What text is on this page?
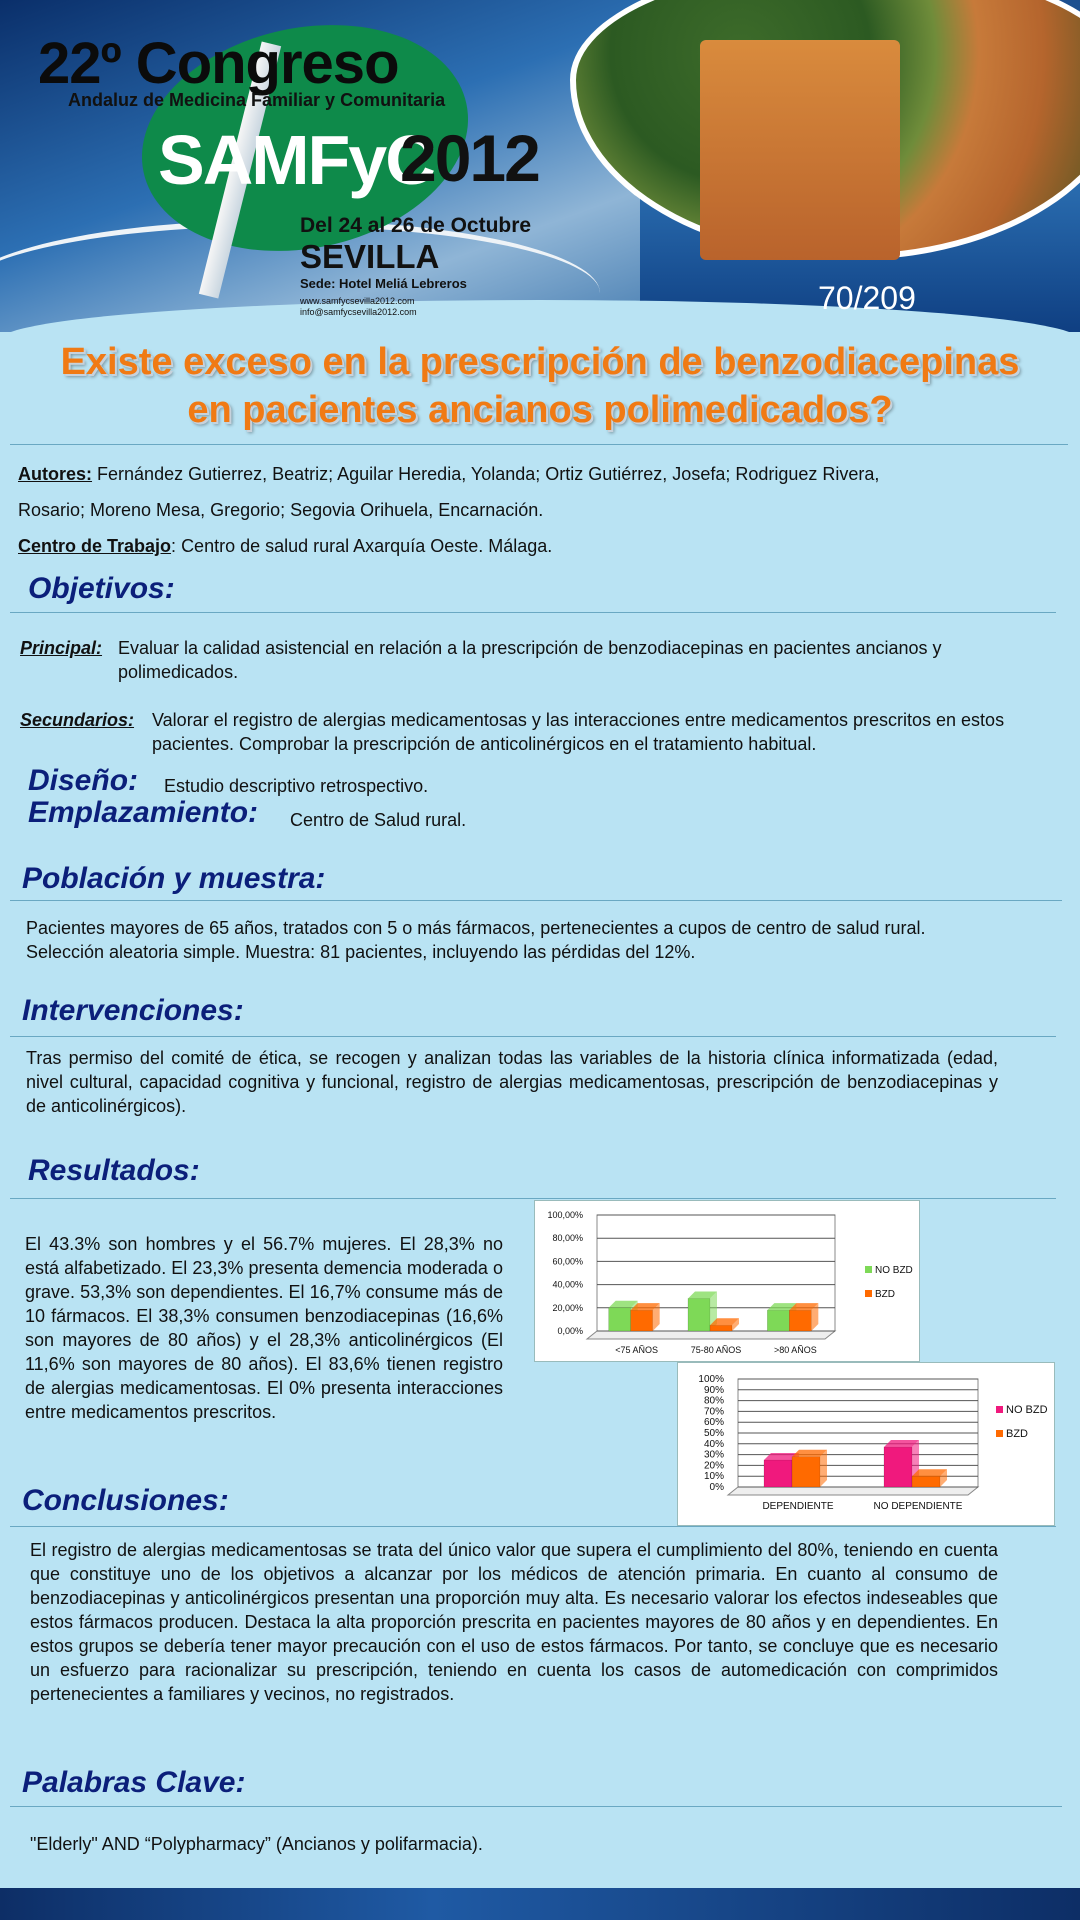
22º Congreso
Andaluz de Medicina Familiar y Comunitaria
SAMFyC
2012
Del 24 al 26 de Octubre
SEVILLA
Sede: Hotel Meliá Lebreros
www.samfycsevilla2012.com
info@samfycsevilla2012.com	70/209
Existe exceso en la prescripción de benzodiacepinas
en pacientes ancianos polimedicados?
Autores: Fernández Gutierrez, Beatriz; Aguilar Heredia, Yolanda; Ortiz Gutiérrez, Josefa; Rodriguez Rivera,
Rosario; Moreno Mesa, Gregorio; Segovia Orihuela, Encarnación.
Centro de Trabajo: Centro de salud rural Axarquía Oeste. Málaga.
Objetivos:
Principal: Evaluar la calidad asistencial en relación a la prescripción de benzodiacepinas en pacientes ancianos y polimedicados.
Secundarios: Valorar el registro de alergias medicamentosas y las interacciones entre medicamentos prescritos en estos pacientes. Comprobar la prescripción de anticolinérgicos en el tratamiento habitual.
Diseño: Estudio descriptivo retrospectivo.
Emplazamiento: Centro de Salud rural.
Población y muestra:
Pacientes mayores de 65 años, tratados con 5 o más fármacos, pertenecientes a cupos de centro de salud rural.
Selección aleatoria simple. Muestra: 81 pacientes, incluyendo las pérdidas del 12%.
Intervenciones:
Tras permiso del comité de ética, se recogen y analizan todas las variables de la historia clínica informatizada (edad, nivel cultural, capacidad cognitiva y funcional, registro de alergias medicamentosas, prescripción de benzodiacepinas y de anticolinérgicos).
Resultados:
El 43.3% son hombres y el 56.7% mujeres. El 28,3% no está alfabetizado. El 23,3% presenta demencia moderada o grave. 53,3% son dependientes. El 16,7% consume más de 10 fármacos. El 38,3% consumen benzodiacepinas (16,6% son mayores de 80 años) y el 28,3% anticolinérgicos (El 11,6% son mayores de 80 años). El 83,6% tienen registro de alergias medicamentosas. El 0% presenta interacciones entre medicamentos prescritos.
0,00%
20,00%
40,00%
60,00%
80,00%
100,00%
<75 AÑOS	75-80 AÑOS	>80 AÑOS
NO BZD
BZD
0%
10%
20%
30%
40%
50%
60%
70%
80%
90%
100%
DEPENDIENTE	NO DEPENDIENTE
NO BZD
BZD
Conclusiones:
El registro de alergias medicamentosas se trata del único valor que supera el cumplimiento del 80%, teniendo en cuenta que constituye uno de los objetivos a alcanzar por los médicos de atención primaria. En cuanto al consumo de benzodiacepinas y anticolinérgicos presentan una proporción muy alta. Es necesario valorar los efectos indeseables que estos fármacos producen. Destaca la alta proporción prescrita en pacientes mayores de 80 años y en dependientes. En estos grupos se debería tener mayor precaución con el uso de estos fármacos. Por tanto, se concluye que es necesario un esfuerzo para racionalizar su prescripción, teniendo en cuenta los casos de automedicación con comprimidos pertenecientes a familiares y vecinos, no registrados.
Palabras Clave:
"Elderly" AND “Polypharmacy” (Ancianos y polifarmacia).
